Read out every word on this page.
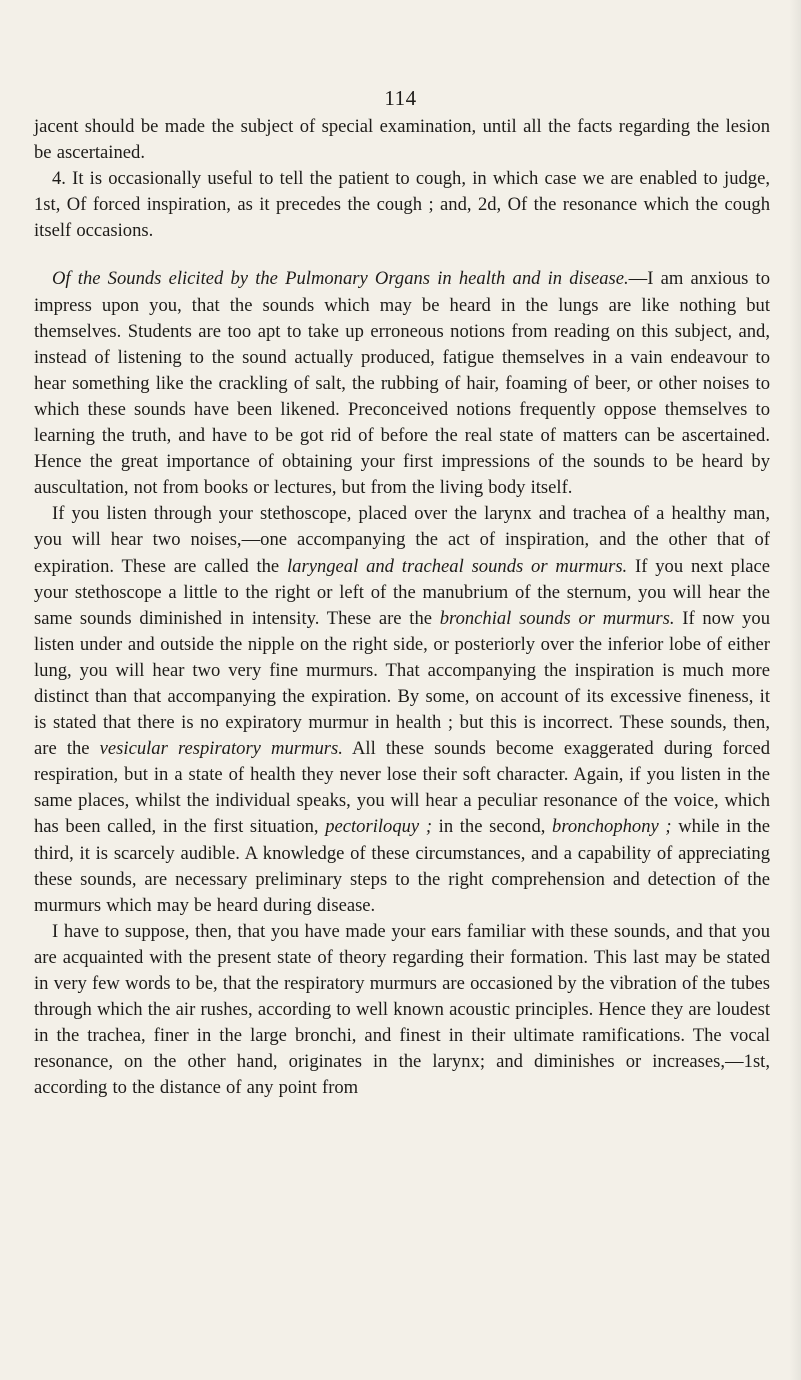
114

jacent should be made the subject of special examination, until all the facts regarding the lesion be ascertained.

4. It is occasionally useful to tell the patient to cough, in which case we are enabled to judge, 1st, Of forced inspiration, as it precedes the cough ; and, 2d, Of the resonance which the cough itself occasions.

Of the Sounds elicited by the Pulmonary Organs in health and in disease.—I am anxious to impress upon you, that the sounds which may be heard in the lungs are like nothing but themselves. Students are too apt to take up erroneous notions from reading on this subject, and, instead of listening to the sound actually produced, fatigue themselves in a vain endeavour to hear something like the crackling of salt, the rubbing of hair, foaming of beer, or other noises to which these sounds have been likened. Preconceived notions frequently oppose themselves to learning the truth, and have to be got rid of before the real state of matters can be ascertained. Hence the great importance of obtaining your first impressions of the sounds to be heard by auscultation, not from books or lectures, but from the living body itself.

If you listen through your stethoscope, placed over the larynx and trachea of a healthy man, you will hear two noises,—one accompanying the act of inspiration, and the other that of expiration. These are called the laryngeal and tracheal sounds or murmurs. If you next place your stethoscope a little to the right or left of the manubrium of the sternum, you will hear the same sounds diminished in intensity. These are the bronchial sounds or murmurs. If now you listen under and outside the nipple on the right side, or posteriorly over the inferior lobe of either lung, you will hear two very fine murmurs. That accompanying the inspiration is much more distinct than that accompanying the expiration. By some, on account of its excessive fineness, it is stated that there is no expiratory murmur in health ; but this is incorrect. These sounds, then, are the vesicular respiratory murmurs. All these sounds become exaggerated during forced respiration, but in a state of health they never lose their soft character. Again, if you listen in the same places, whilst the individual speaks, you will hear a peculiar resonance of the voice, which has been called, in the first situation, pectoriloquy ; in the second, bronchophony ; while in the third, it is scarcely audible. A knowledge of these circumstances, and a capability of appreciating these sounds, are necessary preliminary steps to the right comprehension and detection of the murmurs which may be heard during disease.

I have to suppose, then, that you have made your ears familiar with these sounds, and that you are acquainted with the present state of theory regarding their formation. This last may be stated in very few words to be, that the respiratory murmurs are occasioned by the vibration of the tubes through which the air rushes, according to well known acoustic principles. Hence they are loudest in the trachea, finer in the large bronchi, and finest in their ultimate ramifications. The vocal resonance, on the other hand, originates in the larynx; and diminishes or increases,—1st, according to the distance of any point from
